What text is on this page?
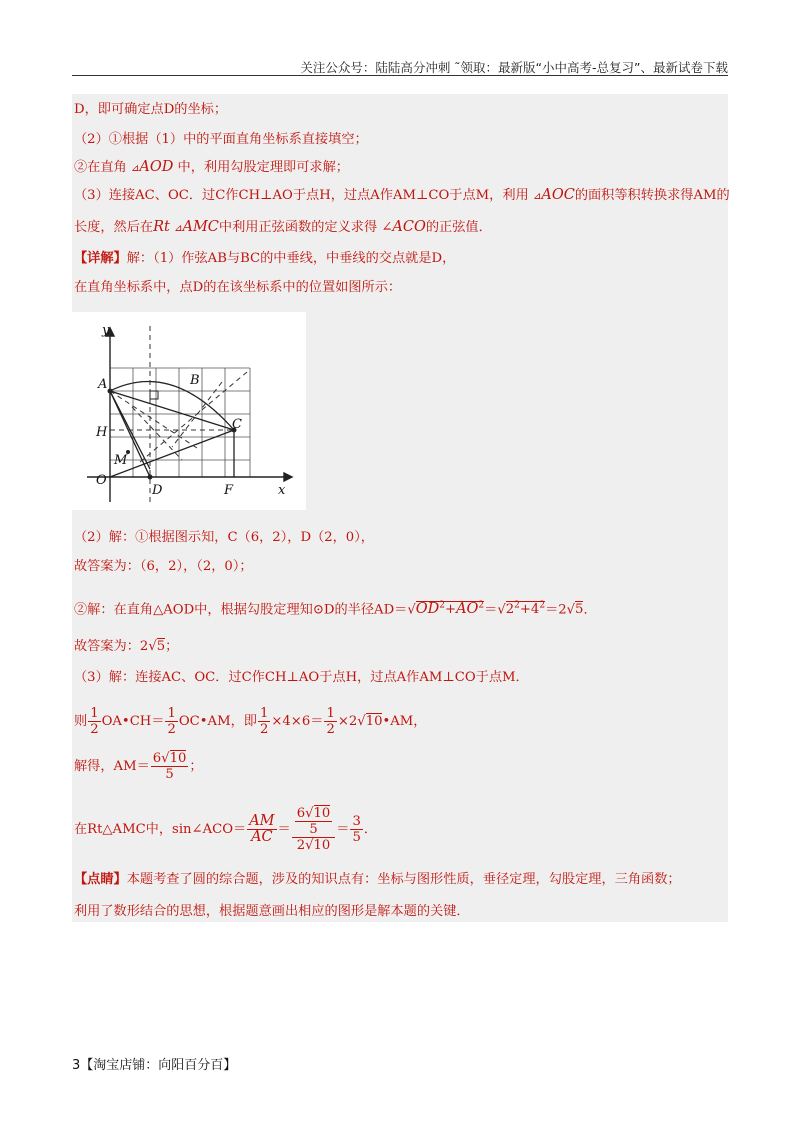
关注公众号：陆陆高分冲刺 ˜领取：最新版“小中高考-总复习”、最新试卷下载
D，即可确定点D的坐标；
（2）①根据（1）中的平面直角坐标系直接填空；
②在直角 ⊿AOD 中，利用勾股定理即可求解；
（3）连接AC、OC．过C作CH⊥AO于点H，过点A作AM⊥CO于点M，利用 ⊿AOC的面积等积转换求得AM的
长度，然后在Rt ⊿AMC中利用正弦函数的定义求得 ∠ACO的正弦值．
【详解】解：（1）作弦AB与BC的中垂线，中垂线的交点就是D，
在直角坐标系中，点D的在该坐标系中的位置如图所示：
y
x
A	B
C
H
M
O
D	F
（2）解：①根据图示知，C（6，2），D（2，0），
故答案为：（6，2），（2，0）；
②解：在直角△AOD中，根据勾股定理知⊙D的半径$AD=√OD^2+AO^2=√2^2+4^2=2√5$．
故答案为：2√5；
（3）解：连接AC、OC．过C作CH⊥AO于点H，过点A作AM⊥CO于点M．
则 $\frac{1}{2}$ OA•CH＝ $\frac{1}{2}$ OC•AM，即 $\frac{1}{2} \times 4\times 6= \frac{1}{2}$ ×2√10•AM，
解得，$AM= \frac{6√10}{5}$ ；
在Rt△AMC中，sin∠ACO＝ $\frac{AM}{AC} = \frac{\frac{6√10}{5}}{2√10} = \frac{3}{5}$ ．
【点睛】本题考查了圆的综合题，涉及的知识点有：坐标与图形性质，垂径定理，勾股定理，三角函数；
利用了数形结合的思想，根据题意画出相应的图形是解本题的关键．
3【淘宝店铺：向阳百分百】
